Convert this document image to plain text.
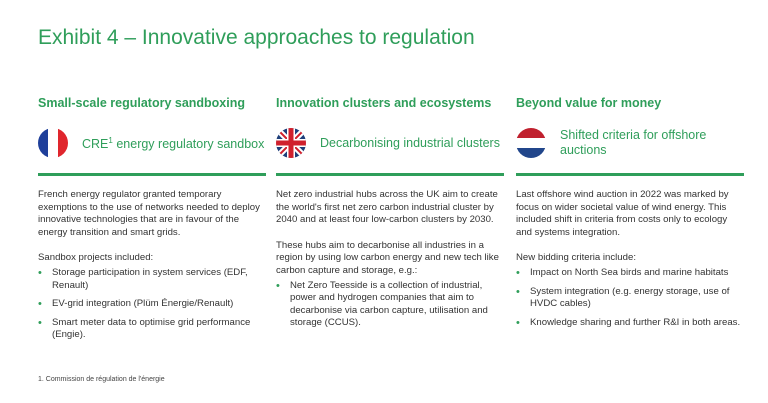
Exhibit 4 – Innovative approaches to regulation
Small-scale regulatory sandboxing
CRE$^1$ energy regulatory sandbox
French energy regulator granted temporary exemptions to the use of networks needed to deploy innovative technologies that are in favour of the energy transition and smart grids.
Sandbox projects included:
• Storage participation in system services (EDF, Renault)
• EV-grid integration (Plüm Énergie/Renault)
• Smart meter data to optimise grid performance (Engie).
Innovation clusters and ecosystems
Decarbonising industrial clusters
Net zero industrial hubs across the UK aim to create the world's first net zero carbon industrial cluster by 2040 and at least four low-carbon clusters by 2030.
These hubs aim to decarbonise all industries in a region by using low carbon energy and new tech like carbon capture and storage, e.g.:
• Net Zero Teesside is a collection of industrial, power and hydrogen companies that aim to decarbonise via carbon capture, utilisation and storage (CCUS).
Beyond value for money
Shifted criteria for offshore auctions
Last offshore wind auction in 2022 was marked by focus on wider societal value of wind energy. This included shift in criteria from costs only to ecology and systems integration.
New bidding criteria include:
• Impact on North Sea birds and marine habitats
• System integration (e.g. energy storage, use of HVDC cables)
• Knowledge sharing and further R&I in both areas.
1. Commission de régulation de l'énergie
